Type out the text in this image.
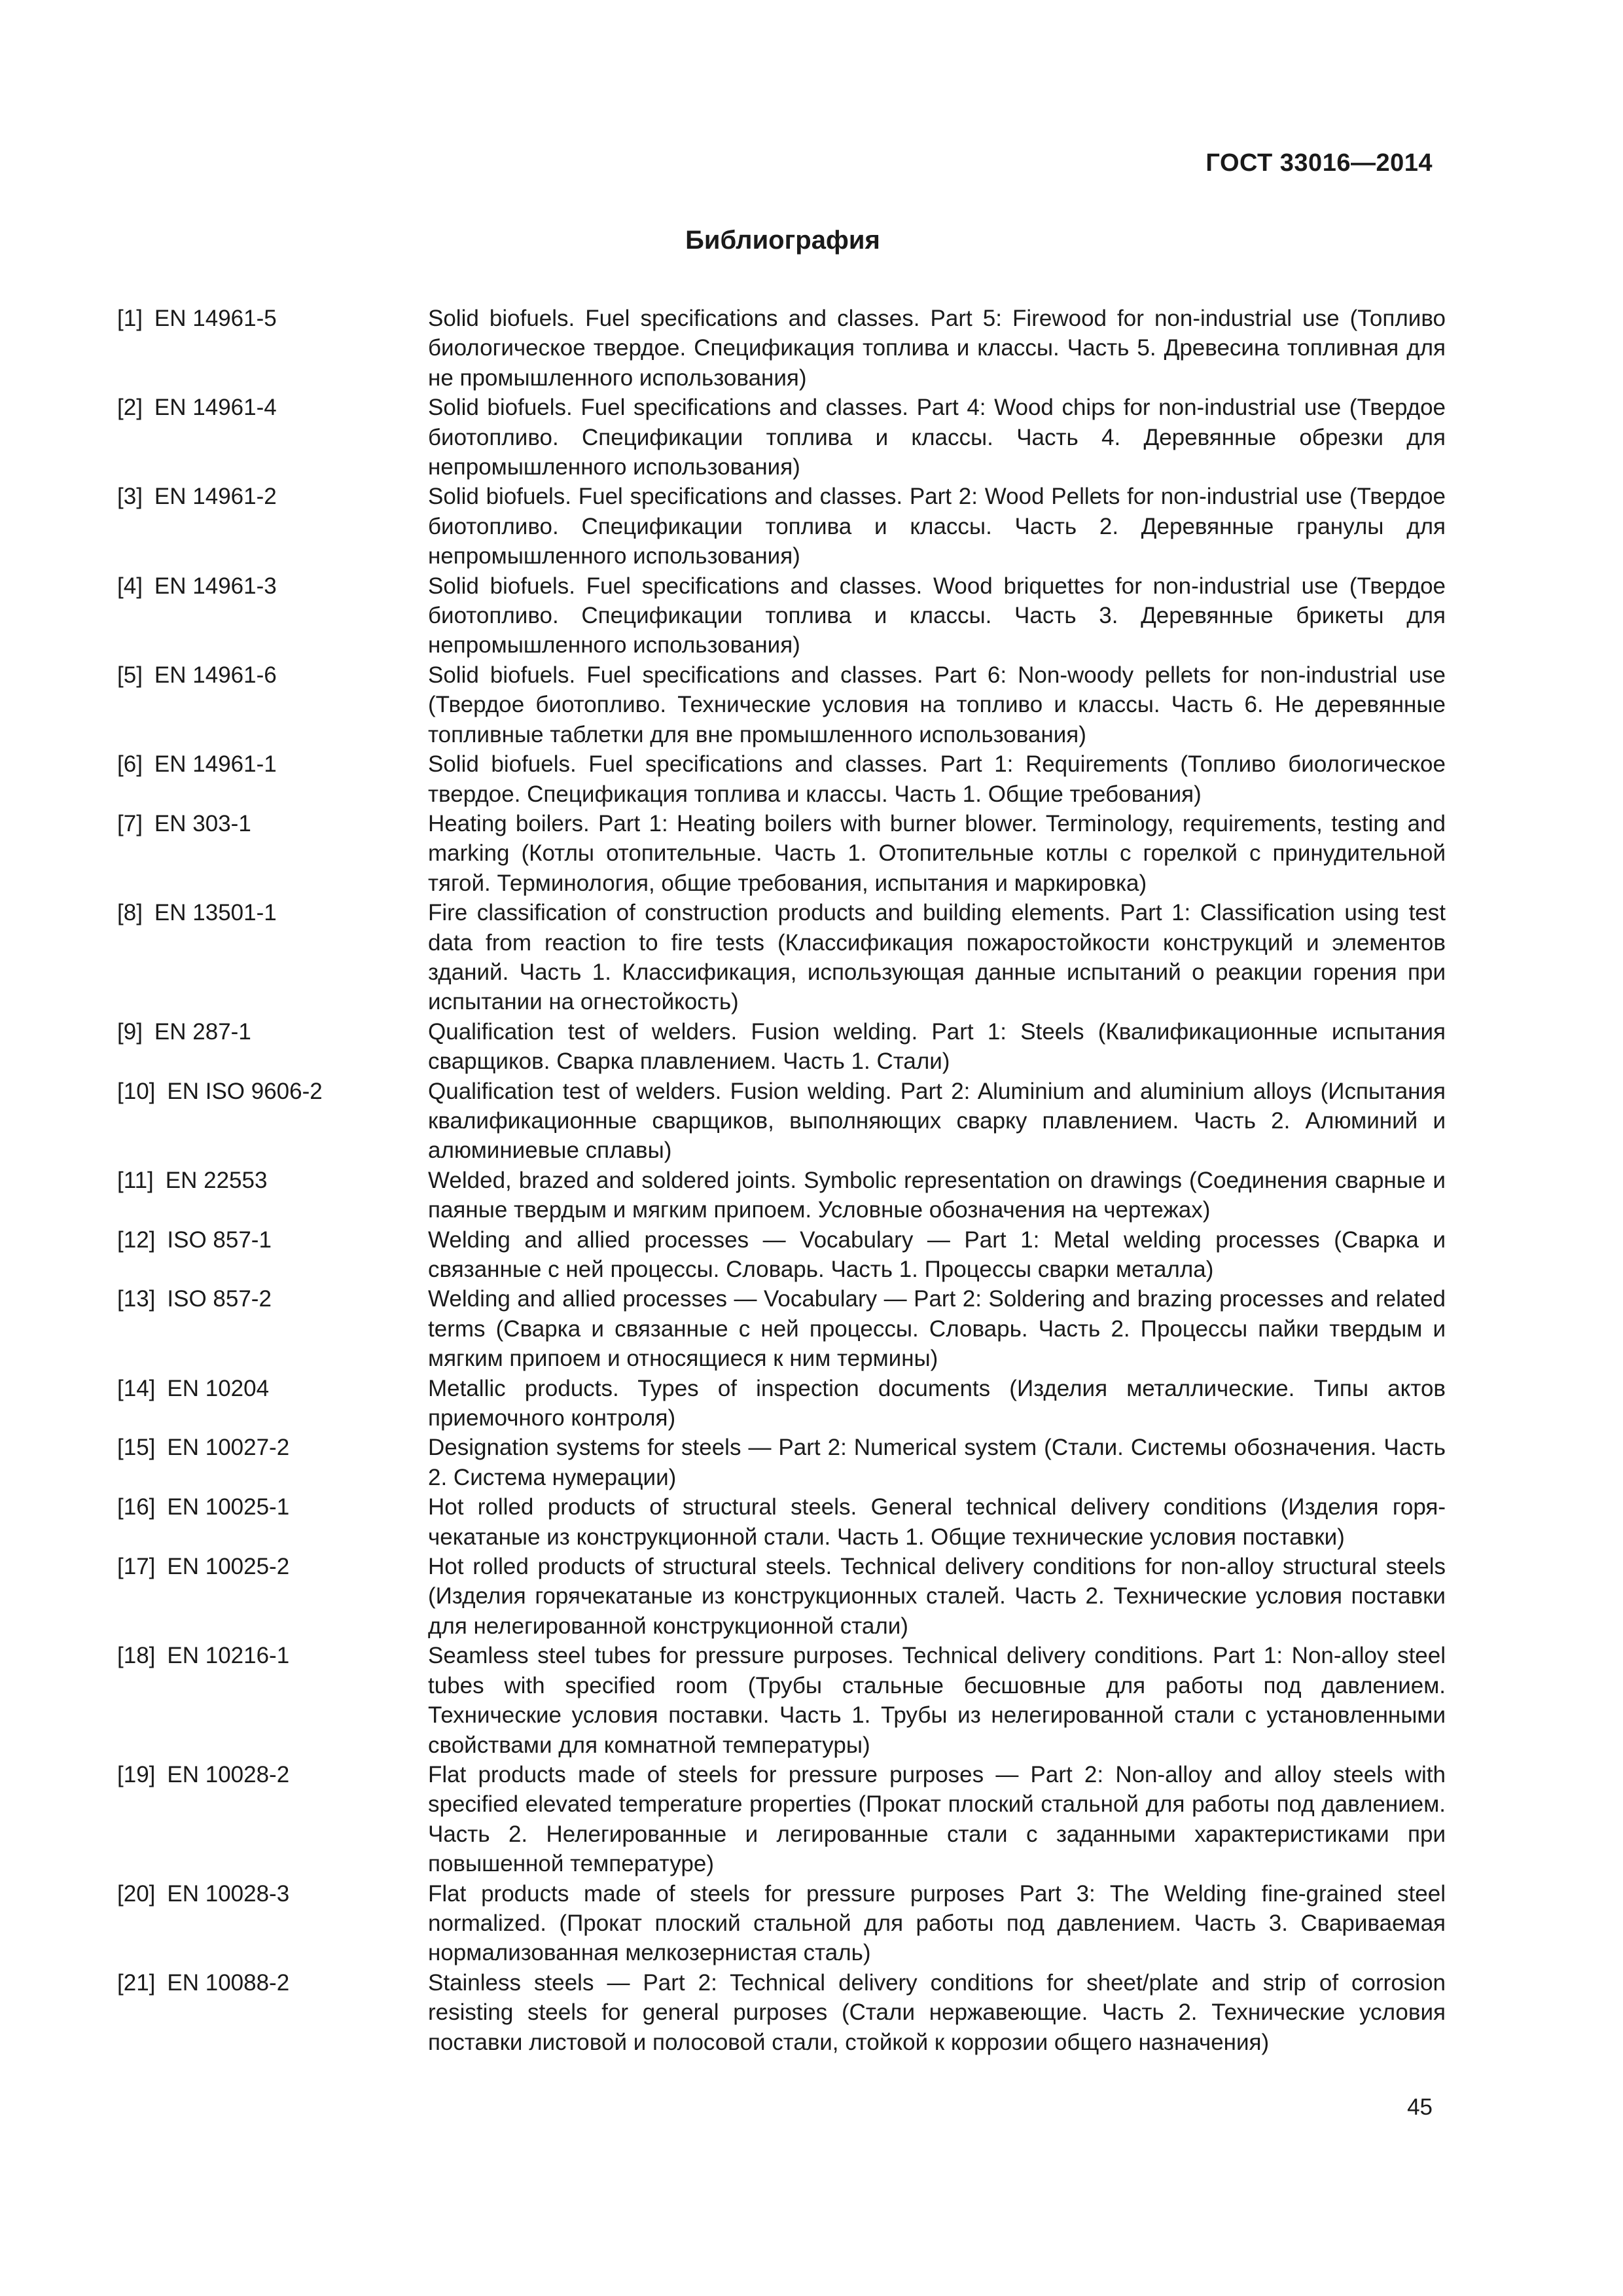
ГОСТ 33016—2014
Библиография
[1] EN 14961-5	Solid biofuels. Fuel specifications and classes. Part 5: Firewood for non-industrial use (Топливо биологическое твердое. Спецификация топлива и классы. Часть 5. Древесина топливная для не промышленного использования)
[2] EN 14961-4	Solid biofuels. Fuel specifications and classes. Part 4: Wood chips for non-industrial use (Твердое биотопливо. Спецификации топлива и классы. Часть 4. Деревянные обрезки для непромышленного использования)
[3] EN 14961-2	Solid biofuels. Fuel specifications and classes. Part 2: Wood Pellets for non-industrial use (Твердое биотопливо. Спецификации топлива и классы. Часть 2. Деревянные гранулы для непромышленного использования)
[4] EN 14961-3	Solid biofuels. Fuel specifications and classes. Wood briquettes for non-industrial use (Твердое биотопливо. Спецификации топлива и классы. Часть 3. Деревянные брикеты для непромышленного использования)
[5] EN 14961-6	Solid biofuels. Fuel specifications and classes. Part 6: Non-woody pellets for non-industrial use (Твердое биотопливо. Технические условия на топливо и классы. Часть 6. Не деревянные топливные таблетки для вне промышленного использования)
[6] EN 14961-1	Solid biofuels. Fuel specifications and classes. Part 1: Requirements (Топливо биологическое твердое. Спецификация топлива и классы. Часть 1. Общие требования)
[7] EN 303-1	Heating boilers. Part 1: Heating boilers with burner blower. Terminology, requirements, testing and marking (Котлы отопительные. Часть 1. Отопительные котлы с горелкой с принудительной тягой. Терминология, общие требования, испытания и маркировка)
[8] EN 13501-1	Fire classification of construction products and building elements. Part 1: Classification using test data from reaction to fire tests (Классификация пожаростойкости конструкций и элементов зданий. Часть 1. Классификация, использующая данные испытаний о реакции горения при испытании на огнестойкость)
[9] EN 287-1	Qualification test of welders. Fusion welding. Part 1: Steels (Квалификационные испытания сварщиков. Сварка плавлением. Часть 1. Стали)
[10] EN ISO 9606-2	Qualification test of welders. Fusion welding. Part 2: Aluminium and aluminium alloys (Испытания квалификационные сварщиков, выполняющих сварку плавлением. Часть 2. Алюминий и алюминиевые сплавы)
[11] EN 22553	Welded, brazed and soldered joints. Symbolic representation on drawings (Соединения сварные и паяные твердым и мягким припоем. Условные обозначения на чертежах)
[12] ISO 857-1	Welding and allied processes — Vocabulary — Part 1: Metal welding processes (Сварка и связанные с ней процессы. Словарь. Часть 1. Процессы сварки металла)
[13] ISO 857-2	Welding and allied processes — Vocabulary — Part 2: Soldering and brazing processes and related terms (Сварка и связанные с ней процессы. Словарь. Часть 2. Процессы пайки твердым и мягким припоем и относящиеся к ним термины)
[14] EN 10204	Metallic products. Types of inspection documents (Изделия металлические. Типы актов приемочного контроля)
[15] EN 10027-2	Designation systems for steels — Part 2: Numerical system (Стали. Системы обозначения. Часть 2. Система нумерации)
[16] EN 10025-1	Hot rolled products of structural steels. General technical delivery conditions (Изделия горячекатаные из конструкционной стали. Часть 1. Общие технические условия поставки)
[17] EN 10025-2	Hot rolled products of structural steels. Technical delivery conditions for non-alloy structural steels (Изделия горячекатаные из конструкционных сталей. Часть 2. Технические условия поставки для нелегированной конструкционной стали)
[18] EN 10216-1	Seamless steel tubes for pressure purposes. Technical delivery conditions. Part 1: Non-alloy steel tubes with specified room (Трубы стальные бесшовные для работы под давлением. Технические условия поставки. Часть 1. Трубы из нелегированной стали с установленными свойствами для комнатной температуры)
[19] EN 10028-2	Flat products made of steels for pressure purposes — Part 2: Non-alloy and alloy steels with specified elevated temperature properties (Прокат плоский стальной для работы под давлением. Часть 2. Нелегированные и легированные стали с заданными характеристиками при повышенной температуре)
[20] EN 10028-3	Flat products made of steels for pressure purposes Part 3: The Welding fine-grained steel normalized. (Прокат плоский стальной для работы под давлением. Часть 3. Свариваемая нормализованная мелкозернистая сталь)
[21] EN 10088-2	Stainless steels — Part 2: Technical delivery conditions for sheet/plate and strip of corrosion resisting steels for general purposes (Стали нержавеющие. Часть 2. Технические условия поставки листовой и полосовой стали, стойкой к коррозии общего назначения)
45
